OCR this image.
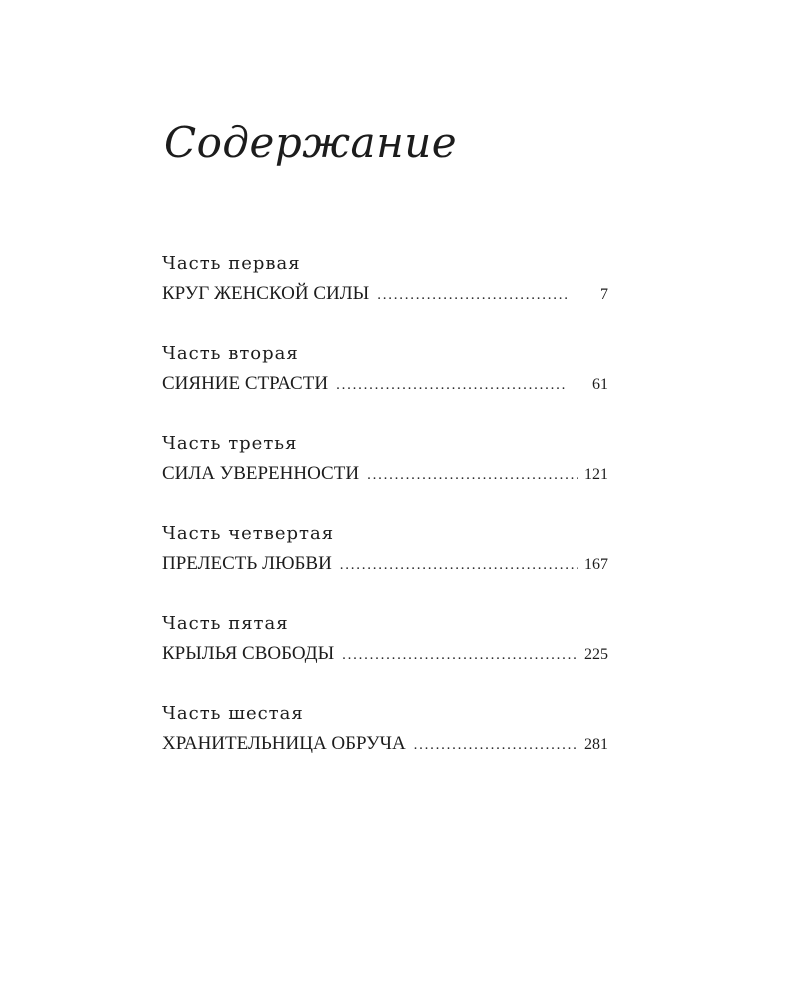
Содержание
Часть первая
КРУГ ЖЕНСКОЙ СИЛЫ . . .	7
Часть вторая
СИЯНИЕ СТРАСТИ . . .	61
Часть третья
СИЛА УВЕРЕННОСТИ . . .	121
Часть четвертая
ПРЕЛЕСТЬ ЛЮБВИ . . .	167
Часть пятая
КРЫЛЬЯ СВОБОДЫ . . .	225
Часть шестая
ХРАНИТЕЛЬНИЦА ОБРУЧА . . .	281
